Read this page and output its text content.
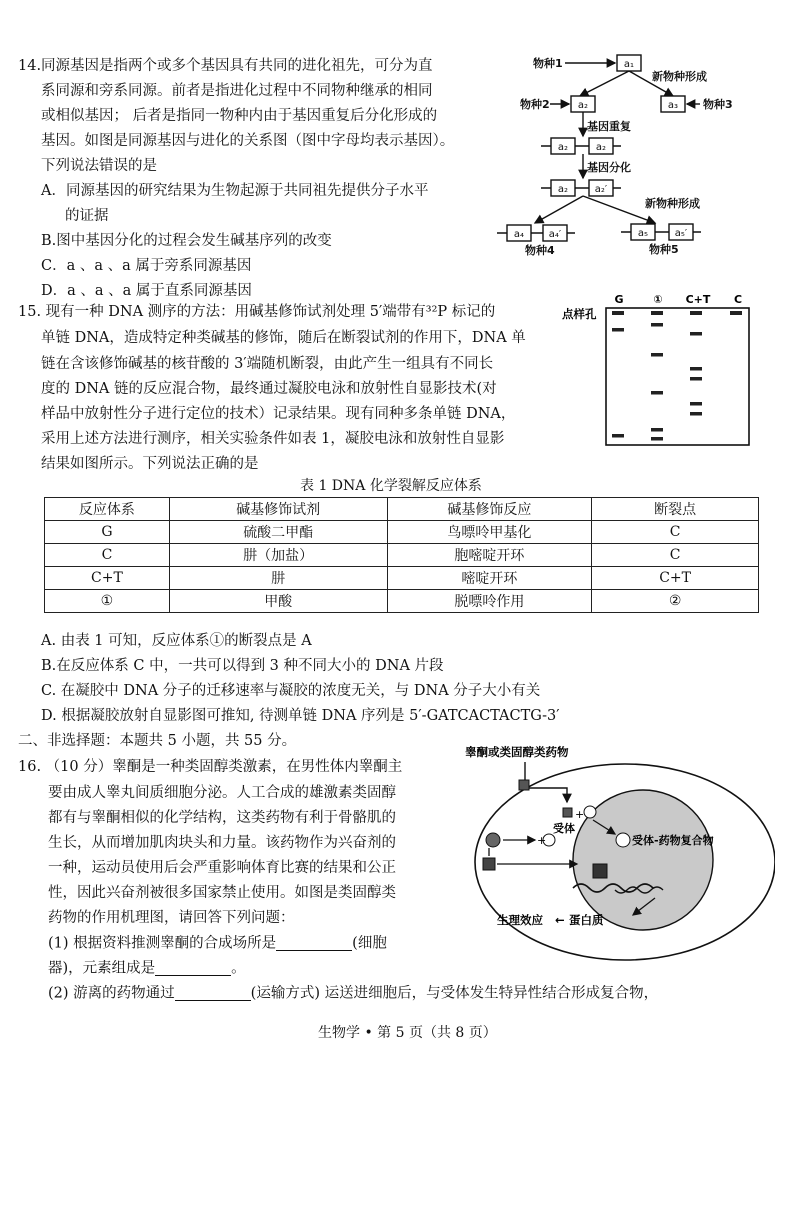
14.同源基因是指两个或多个基因具有共同的进化祖先，可分为直
系同源和旁系同源。前者是指进化过程中不同物种继承的相同
或相似基因； 后者是指同一物种内由于基因重复后分化形成的
基因。如图是同源基因与进化的关系图（图中字母均表示基因）。
下列说法错误的是
A．同源基因的研究结果为生物起源于共同祖先提供分子水平
的证据
B.图中基因分化的过程会发生碱基序列的改变
C．a 、a 、a 属于旁系同源基因
D．a 、a 、a 属于直系同源基因
物种1
新物种形成
物种2	物种3
基因重复
基因分化
新物种形成
物种4	物种5
a₁
a₂	a₃
a₂	a₂
a₂	a₂′
a₄ a₄′	a₅	a₅′
15. 现有一种 DNA 测序的方法：用碱基修饰试剂处理 5′端带有³²P 标记的
单链 DNA，造成特定种类碱基的修饰，随后在断裂试剂的作用下，DNA 单
链在含该修饰碱基的核苷酸的 3′端随机断裂，由此产生一组具有不同长
度的 DNA 链的反应混合物，最终通过凝胶电泳和放射性自显影技术(对
样品中放射性分子进行定位的技术）记录结果。现有同种多条单链 DNA，
采用上述方法进行测序，相关实验条件如表 1，凝胶电泳和放射性自显影
结果如图所示。下列说法正确的是
点样孔
G	① C+T C
表 1 DNA 化学裂解反应体系
反应体系	碱基修饰试剂	碱基修饰反应	断裂点
G	硫酸二甲酯	鸟嘌呤甲基化	C
C	肼（加盐）	胞嘧啶开环	C
C+T	肼	嘧啶开环	C+T
①	甲酸	脱嘌呤作用	②
A. 由表 1 可知，反应体系①的断裂点是 A
B.在反应体系 C 中，一共可以得到 3 种不同大小的 DNA 片段
C. 在凝胶中 DNA 分子的迁移速率与凝胶的浓度无关，与 DNA 分子大小有关
D. 根据凝胶放射自显影图可推知, 待测单链 DNA 序列是 5′-GATCACTACTG-3′
二、非选择题：本题共 5 小题，共 55 分。
16. （10 分）睾酮是一种类固醇类激素，在男性体内睾酮主
要由成人睾丸间质细胞分泌。人工合成的雄激素类固醇
都有与睾酮相似的化学结构，这类药物有利于骨骼肌的
生长，从而增加肌肉块头和力量。该药物作为兴奋剂的
一种，运动员使用后会严重影响体育比赛的结果和公正
性，因此兴奋剂被很多国家禁止使用。如图是类固醇类
药物的作用机理图，请回答下列问题：
(1) 根据资料推测睾酮的合成场所是	(细胞
器)，元素组成是	。
(2) 游离的药物通过	(运输方式) 运送进细胞后，与受体发生特异性结合形成复合物，
睾酮或类固醇类药物
+
受体
受体-药物复合物
+
生理效应 ← 蛋白质
生物学 • 第 5 页（共 8 页）
